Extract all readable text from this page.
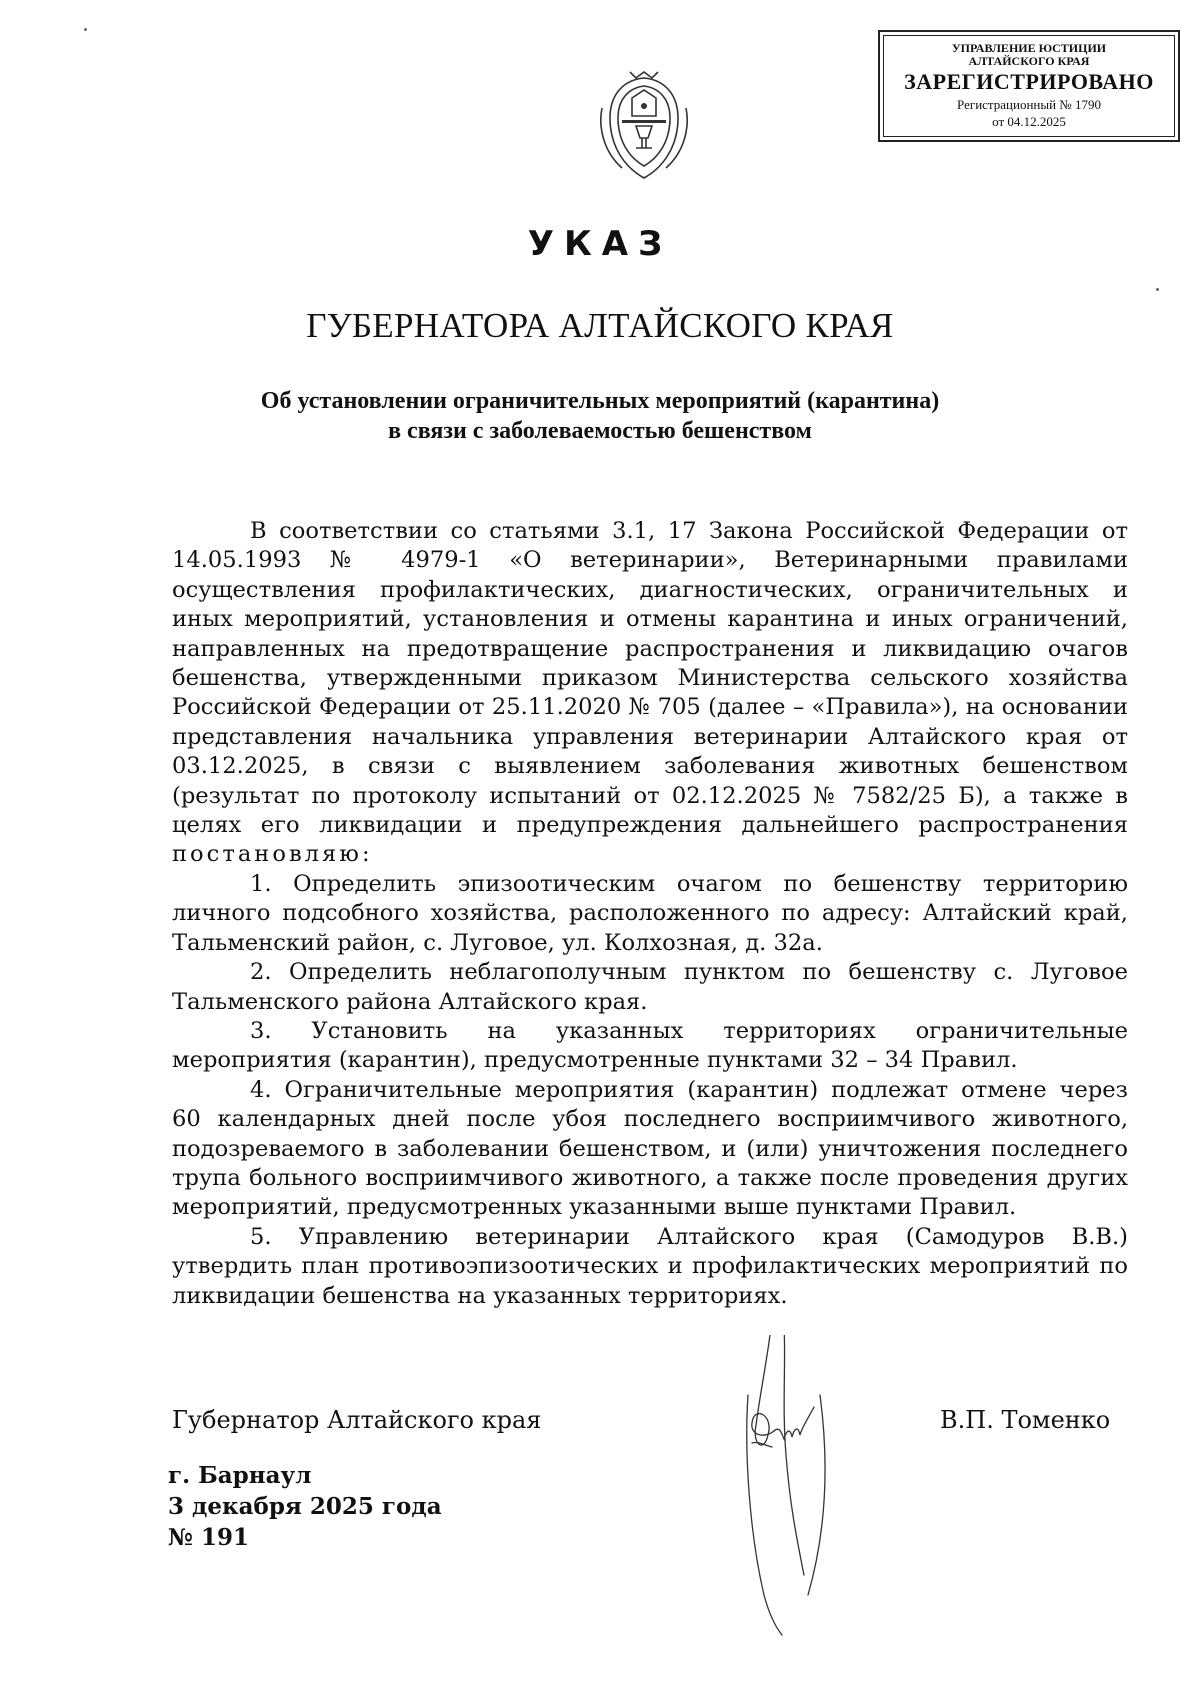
УПРАВЛЕНИЕ ЮСТИЦИИ
АЛТАЙСКОГО КРАЯ
ЗАРЕГИСТРИРОВАНО
Регистрационный № 1790
от 04.12.2025
УКАЗ
ГУБЕРНАТОРА АЛТАЙСКОГО КРАЯ
Об установлении ограничительных мероприятий (карантина)
в связи с заболеваемостью бешенством

В соответствии со статьями 3.1, 17 Закона Российской Федерации от 14.05.1993 № 4979-1 «О ветеринарии», Ветеринарными правилами осуществления профилактических, диагностических, ограничительных и иных мероприятий, установления и отмены карантина и иных ограничений, направленных на предотвращение распространения и ликвидацию очагов бешенства, утвержденными приказом Министерства сельского хозяйства Российской Федерации от 25.11.2020 № 705 (далее – «Правила»), на основании представления начальника управления ветеринарии Алтайского края от 03.12.2025, в связи с выявлением заболевания животных бешенством (результат по протоколу испытаний от 02.12.2025 № 7582/25 Б), а также в целях его ликвидации и предупреждения дальнейшего распространения постановляю:

1. Определить эпизоотическим очагом по бешенству территорию личного подсобного хозяйства, расположенного по адресу: Алтайский край, Тальменский район, с. Луговое, ул. Колхозная, д. 32а.

2. Определить неблагополучным пунктом по бешенству с. Луговое Тальменского района Алтайского края.

3. Установить на указанных территориях ограничительные мероприятия (карантин), предусмотренные пунктами 32 – 34 Правил.

4. Ограничительные мероприятия (карантин) подлежат отмене через 60 календарных дней после убоя последнего восприимчивого животного, подозреваемого в заболевании бешенством, и (или) уничтожения последнего трупа больного восприимчивого животного, а также после проведения других мероприятий, предусмотренных указанными выше пунктами Правил.

5. Управлению ветеринарии Алтайского края (Самодуров В.В.) утвердить план противоэпизоотических и профилактических мероприятий по ликвидации бешенства на указанных территориях.

Губернатор Алтайского края	В.П. Томенко
г. Барнаул
3 декабря 2025 года
№ 191
